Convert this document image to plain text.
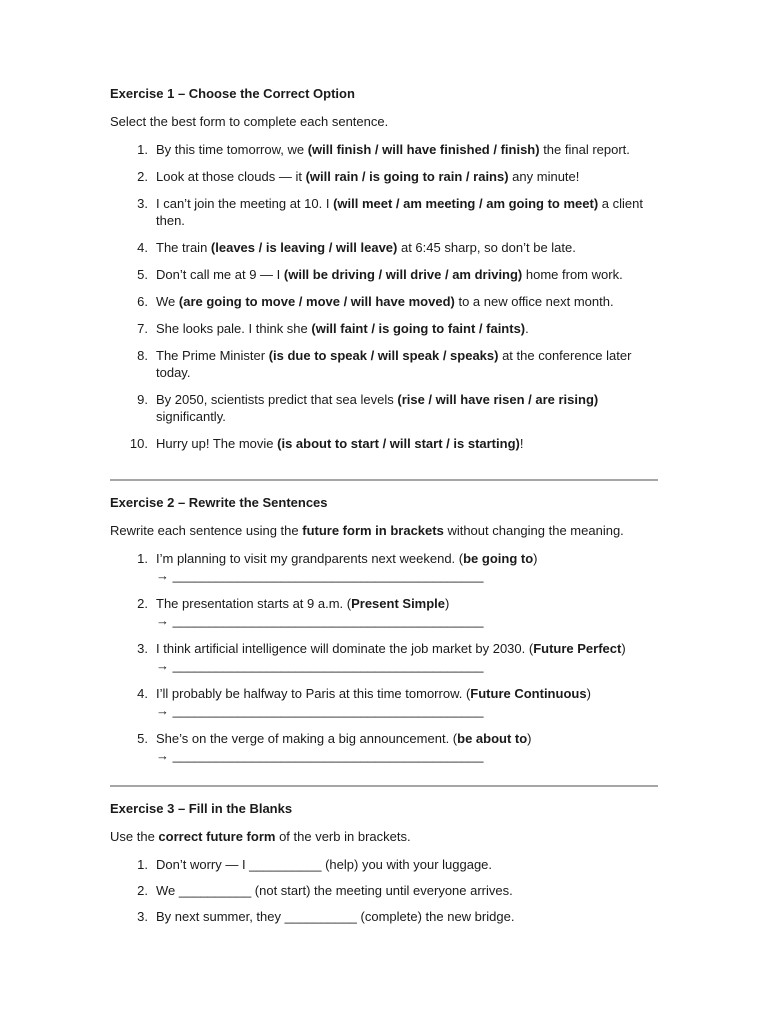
Exercise 1 – Choose the Correct Option

Select the best form to complete each sentence.

1. By this time tomorrow, we (will finish / will have finished / finish) the final report.
2. Look at those clouds — it (will rain / is going to rain / rains) any minute!
3. I can’t join the meeting at 10. I (will meet / am meeting / am going to meet) a client then.
4. The train (leaves / is leaving / will leave) at 6:45 sharp, so don’t be late.
5. Don’t call me at 9 — I (will be driving / will drive / am driving) home from work.
6. We (are going to move / move / will have moved) to a new office next month.
7. She looks pale. I think she (will faint / is going to faint / faints).
8. The Prime Minister (is due to speak / will speak / speaks) at the conference later today.
9. By 2050, scientists predict that sea levels (rise / will have risen / are rising) significantly.
10. Hurry up! The movie (is about to start / will start / is starting)!

Exercise 2 – Rewrite the Sentences

Rewrite each sentence using the future form in brackets without changing the meaning.

1. I’m planning to visit my grandparents next weekend. (be going to)
→ ___________________________________________
2. The presentation starts at 9 a.m. (Present Simple)
→ ___________________________________________
3. I think artificial intelligence will dominate the job market by 2030. (Future Perfect)
→ ___________________________________________
4. I’ll probably be halfway to Paris at this time tomorrow. (Future Continuous)
→ ___________________________________________
5. She’s on the verge of making a big announcement. (be about to)
→ ___________________________________________

Exercise 3 – Fill in the Blanks

Use the correct future form of the verb in brackets.

1. Don’t worry — I __________ (help) you with your luggage.
2. We __________ (not start) the meeting until everyone arrives.
3. By next summer, they __________ (complete) the new bridge.
